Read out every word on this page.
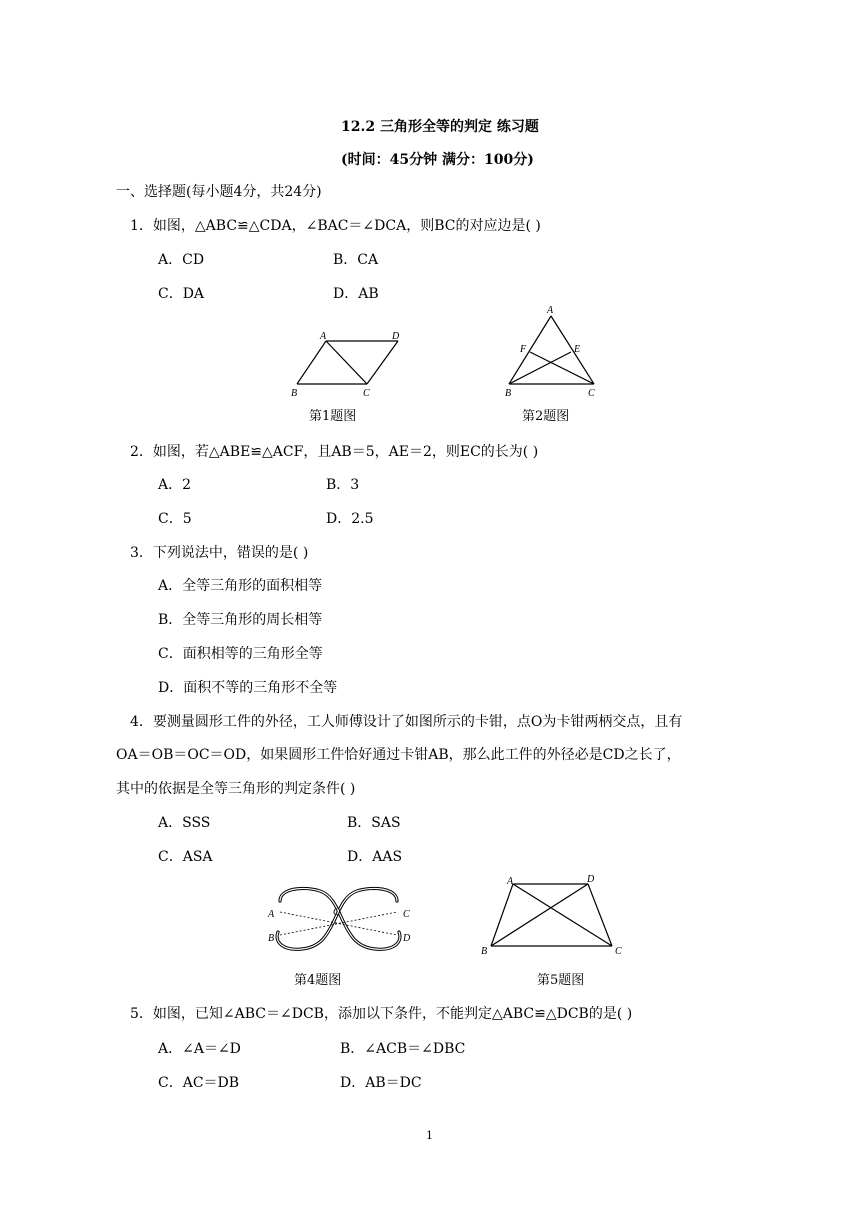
12.2 三角形全等的判定 练习题
(时间：45分钟 满分：100分)
一、选择题(每小题4分，共24分)
1．如图，△ABC≌△CDA，∠BAC＝∠DCA，则BC的对应边是( )
A．CD	B．CA
C．DA	D．AB
A	D
B	C
第1题图
A
F	E
B	C
第2题图
2．如图，若△ABE≌△ACF，且AB＝5，AE＝2，则EC的长为( )
A．2	B．3
C．5	D．2.5
3．下列说法中，错误的是( )
A．全等三角形的面积相等
B．全等三角形的周长相等
C．面积相等的三角形全等
D．面积不等的三角形不全等
4．要测量圆形工件的外径，工人师傅设计了如图所示的卡钳，点O为卡钳两柄交点，且有
OA＝OB＝OC＝OD，如果圆形工件恰好通过卡钳AB，那么此工件的外径必是CD之长了，
其中的依据是全等三角形的判定条件( )
A．SSS	B．SAS
C．ASA	D．AAS
A	O	C
B	D
第4题图
A	D
B	C
第5题图
5．如图，已知∠ABC＝∠DCB，添加以下条件，不能判定△ABC≌△DCB的是( )
A．∠A＝∠D	B．∠ACB＝∠DBC
C．AC＝DB	D．AB＝DC
1
